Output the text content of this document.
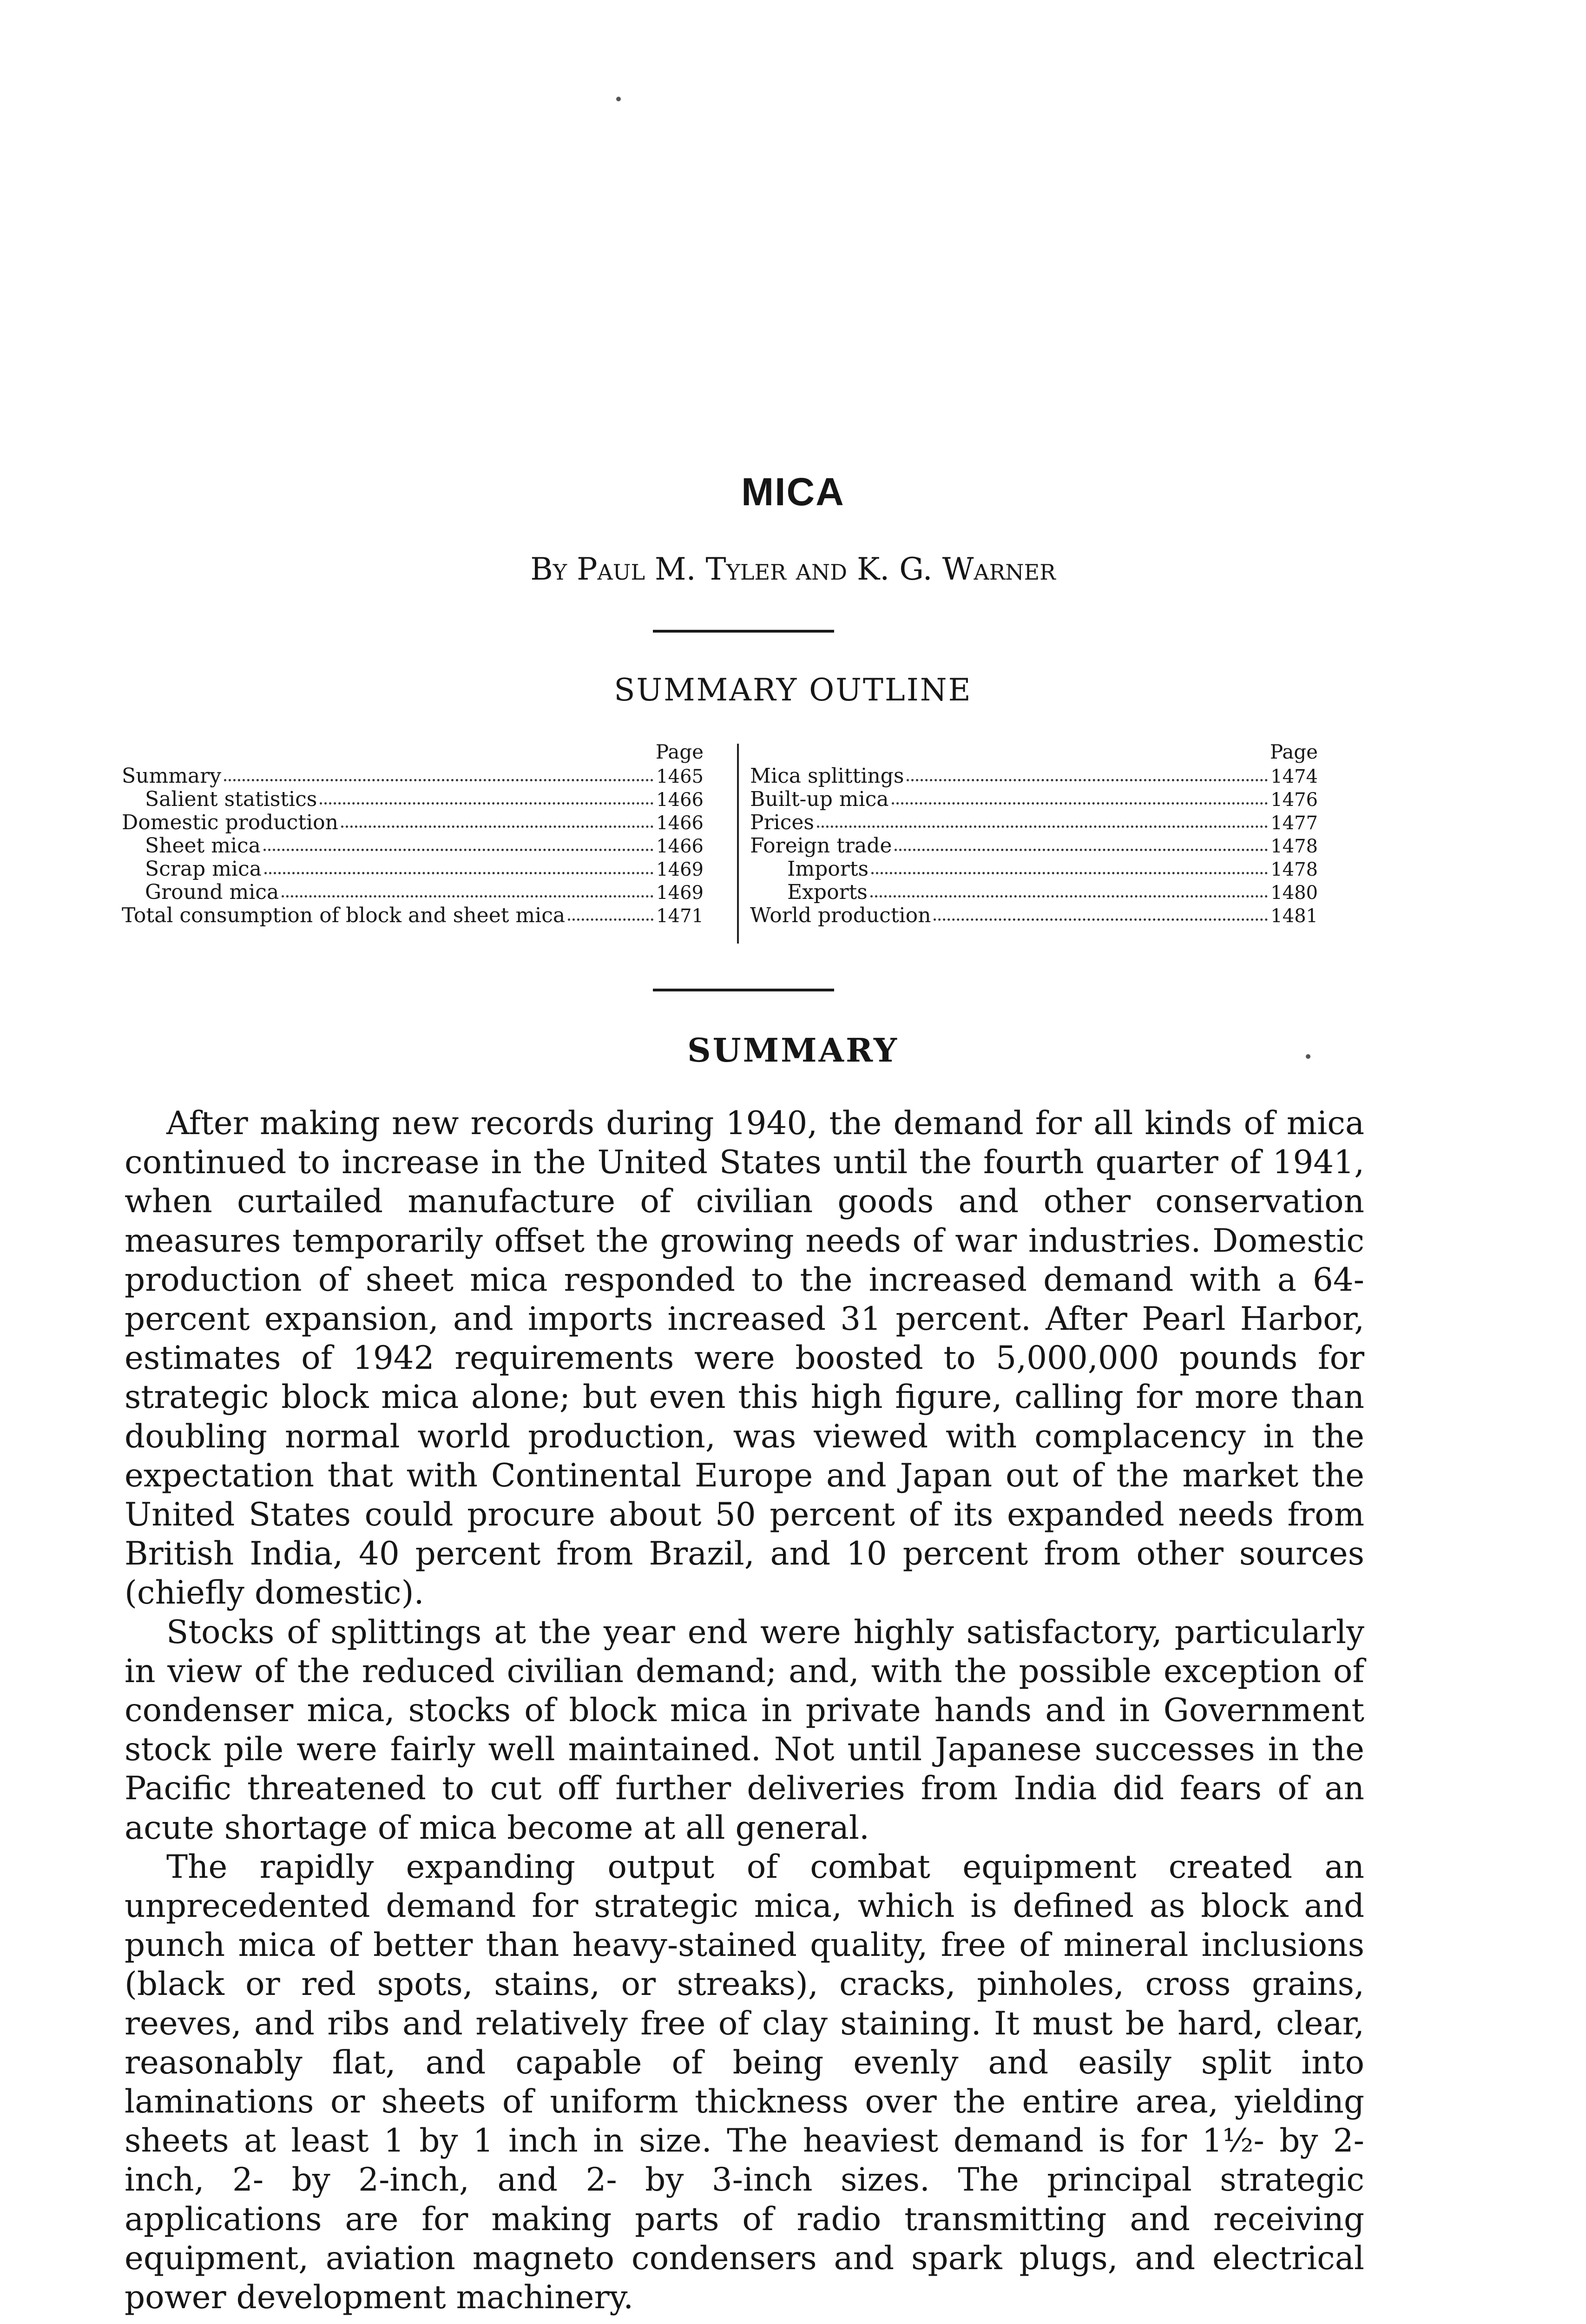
MICA
By Paul M. Tyler and K. G. Warner
SUMMARY OUTLINE
Page
Summary	1465
Salient statistics	1466
Domestic production	1466
Sheet mica	1466
Scrap mica	1469
Ground mica	1469
Total consumption of block and sheet mica	1471
Page
Mica splittings	1474
Built-up mica	1476
Prices	1477
Foreign trade	1478
Imports	1478
Exports	1480
World production	1481
SUMMARY

After making new records during 1940, the demand for all kinds of mica continued to increase in the United States until the fourth quarter of 1941, when curtailed manufacture of civilian goods and other conservation measures temporarily offset the growing needs of war industries. Domestic production of sheet mica responded to the increased demand with a 64-percent expansion, and imports increased 31 percent. After Pearl Harbor, estimates of 1942 requirements were boosted to 5,000,000 pounds for strategic block mica alone; but even this high figure, calling for more than doubling normal world production, was viewed with complacency in the expectation that with Continental Europe and Japan out of the market the United States could procure about 50 percent of its expanded needs from British India, 40 percent from Brazil, and 10 percent from other sources (chiefly domestic).

Stocks of splittings at the year end were highly satisfactory, particularly in view of the reduced civilian demand; and, with the possible exception of condenser mica, stocks of block mica in private hands and in Government stock pile were fairly well maintained. Not until Japanese successes in the Pacific threatened to cut off further deliveries from India did fears of an acute shortage of mica become at all general.

The rapidly expanding output of combat equipment created an unprecedented demand for strategic mica, which is defined as block and punch mica of better than heavy-stained quality, free of mineral inclusions (black or red spots, stains, or streaks), cracks, pinholes, cross grains, reeves, and ribs and relatively free of clay staining. It must be hard, clear, reasonably flat, and capable of being evenly and easily split into laminations or sheets of uniform thickness over the entire area, yielding sheets at least 1 by 1 inch in size. The heaviest demand is for 1½- by 2-inch, 2- by 2-inch, and 2- by 3-inch sizes. The principal strategic applications are for making parts of radio transmitting and receiving equipment, aviation magneto condensers and spark plugs, and electrical power development machinery.
